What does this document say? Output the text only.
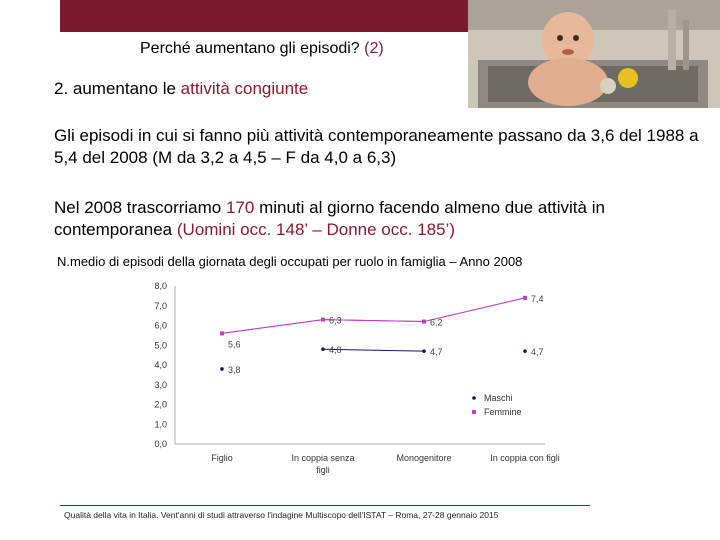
Perché aumentano gli episodi? (2)
2. aumentano le attività congiunte
Gli episodi in cui si fanno più attività contemporaneamente passano da 3,6 del 1988 a 5,4 del 2008 (M da 3,2 a 4,5 – F da 4,0 a 6,3)
Nel 2008 trascorriamo 170 minuti al giorno facendo almeno due attività in contemporanea (Uomini occ. 148’ – Donne occ. 185’)
N.medio di episodi della giornata degli occupati per ruolo in famiglia – Anno 2008
0,0
1,0
2,0
3,0
4,0
5,0
6,0
7,0
8,0
Figlio	In coppia senza
figli
Monogenitore	In coppia con figli
3,8
4,8	4,7	4,7
5,6
6,3	6,2
7,4
Maschi
Femmine
Qualità della vita in Italia. Vent'anni di studi attraverso l'indagine Multiscopo dell'ISTAT – Roma, 27-28 gennaio 2015
